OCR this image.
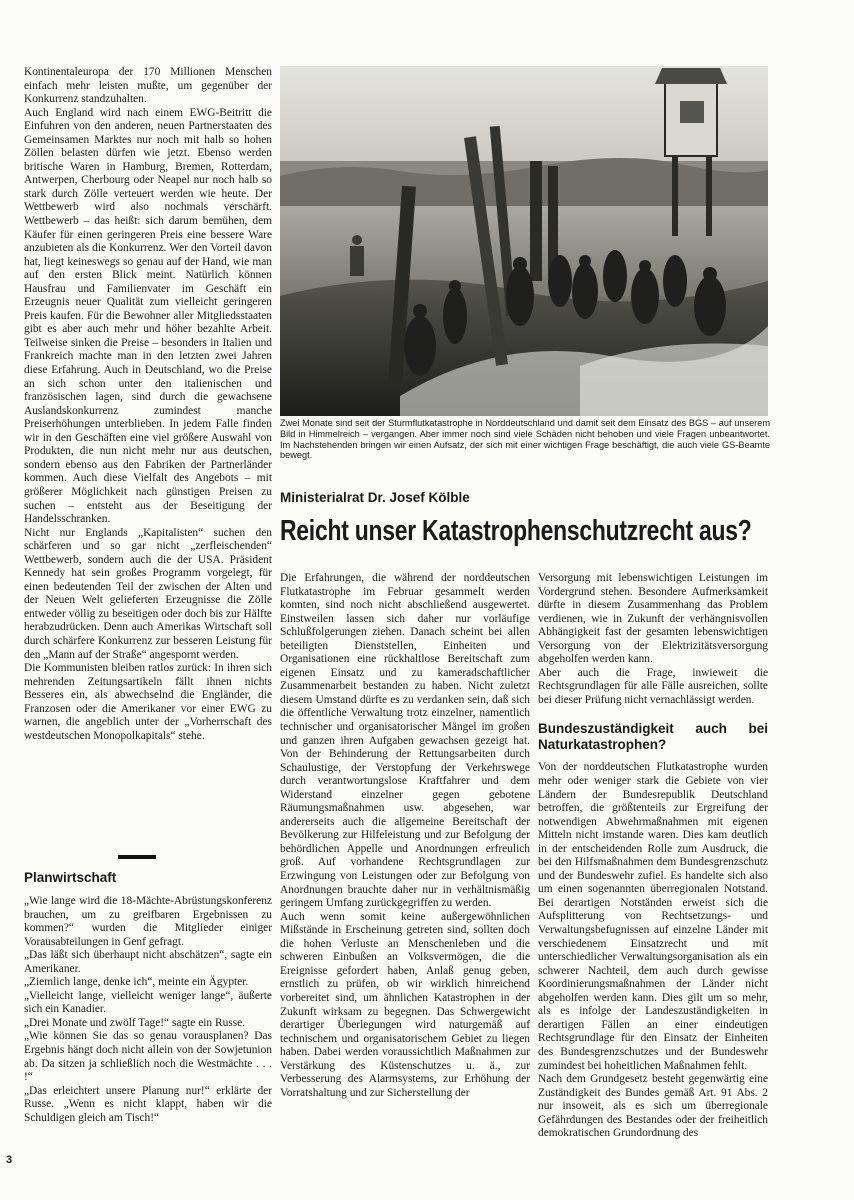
Kontinentaleuropa der 170 Millionen Menschen einfach mehr leisten mußte, um gegenüber der Konkurrenz standzuhalten.

Auch England wird nach einem EWG-Beitritt die Einfuhren von den anderen, neuen Partnerstaaten des Gemeinsamen Marktes nur noch mit halb so hohen Zöllen belasten dürfen wie jetzt. Ebenso werden britische Waren in Hamburg, Bremen, Rotterdam, Antwerpen, Cherbourg oder Neapel nur noch halb so stark durch Zölle verteuert werden wie heute. Der Wettbewerb wird also nochmals verschärft. Wettbewerb – das heißt: sich darum bemühen, dem Käufer für einen geringeren Preis eine bessere Ware anzubieten als die Konkurrenz. Wer den Vorteil davon hat, liegt keineswegs so genau auf der Hand, wie man auf den ersten Blick meint. Natürlich können Hausfrau und Familienvater im Geschäft ein Erzeugnis neuer Qualität zum vielleicht geringeren Preis kaufen. Für die Bewohner aller Mitgliedsstaaten gibt es aber auch mehr und höher bezahlte Arbeit. Teilweise sinken die Preise – besonders in Italien und Frankreich machte man in den letzten zwei Jahren diese Erfahrung. Auch in Deutschland, wo die Preise an sich schon unter den italienischen und französischen lagen, sind durch die gewachsene Auslandskonkurrenz zumindest manche Preiserhöhungen unterblieben. In jedem Falle finden wir in den Geschäften eine viel größere Auswahl von Produkten, die nun nicht mehr nur aus deutschen, sondern ebenso aus den Fabriken der Partnerländer kommen. Auch diese Vielfalt des Angebots – mit größerer Möglichkeit nach günstigen Preisen zu suchen – entsteht aus der Beseitigung der Handelsschranken.

Nicht nur Englands „Kapitalisten“ suchen den schärferen und so gar nicht „zerfleischenden“ Wettbewerb, sondern auch die der USA. Präsident Kennedy hat sein großes Programm vorgelegt, für einen bedeutenden Teil der zwischen der Alten und der Neuen Welt gelieferten Erzeugnisse die Zölle entweder völlig zu beseitigen oder doch bis zur Hälfte herabzudrücken. Denn auch Amerikas Wirtschaft soll durch schärfere Konkurrenz zur besseren Leistung für den „Mann auf der Straße“ angespornt werden.

Die Kommunisten bleiben ratlos zurück: In ihren sich mehrenden Zeitungsartikeln fällt ihnen nichts Besseres ein, als abwechselnd die Engländer, die Franzosen oder die Amerikaner vor einer EWG zu warnen, die angeblich unter der „Vorherrschaft des westdeutschen Monopolkapitals“ stehe.

Planwirtschaft

„Wie lange wird die 18-Mächte-Abrüstungskonferenz brauchen, um zu greifbaren Ergebnissen zu kommen?“ wurden die Mitglieder einiger Vorausabteilungen in Genf gefragt.

„Das läßt sich überhaupt nicht abschätzen“, sagte ein Amerikaner.

„Ziemlich lange, denke ich“, meinte ein Ägypter.

„Vielleicht lange, vielleicht weniger lange“, äußerte sich ein Kanadier.

„Drei Monate und zwölf Tage!“ sagte ein Russe.

„Wie können Sie das so genau vorausplanen? Das Ergebnis hängt doch nicht allein von der Sowjetunion ab. Da sitzen ja schließlich noch die Westmächte . . . !“

„Das erleichtert unsere Planung nur!“ erklärte der Russe. „Wenn es nicht klappt, haben wir die Schuldigen gleich am Tisch!“

Zwei Monate sind seit der Sturmflutkatastrophe in Norddeutschland und damit seit dem Einsatz des BGS – auf unserem Bild in Himmelreich – vergangen. Aber immer noch sind viele Schäden nicht behoben und viele Fragen unbeantwortet. Im Nachstehenden bringen wir einen Aufsatz, der sich mit einer wichtigen Frage beschäftigt, die auch viele GS-Beamte bewegt.

Ministerialrat Dr. Josef Kölble

Reicht unser Katastrophenschutzrecht aus?

Die Erfahrungen, die während der norddeutschen Flutkatastrophe im Februar gesammelt werden konnten, sind noch nicht abschließend ausgewertet. Einstweilen lassen sich daher nur vorläufige Schlußfolgerungen ziehen. Danach scheint bei allen beteiligten Dienststellen, Einheiten und Organisationen eine rückhaltlose Bereitschaft zum eigenen Einsatz und zu kameradschaftlicher Zusammenarbeit bestanden zu haben. Nicht zuletzt diesem Umstand dürfte es zu verdanken sein, daß sich die öffentliche Verwaltung trotz einzelner, namentlich technischer und organisatorischer Mängel im großen und ganzen ihren Aufgaben gewachsen gezeigt hat. Von der Behinderung der Rettungsarbeiten durch Schaulustige, der Verstopfung der Verkehrswege durch verantwortungslose Kraftfahrer und dem Widerstand einzelner gegen gebotene Räumungsmaßnahmen usw. abgesehen, war andererseits auch die allgemeine Bereitschaft der Bevölkerung zur Hilfeleistung und zur Befolgung der behördlichen Appelle und Anordnungen erfreulich groß. Auf vorhandene Rechtsgrundlagen zur Erzwingung von Leistungen oder zur Befolgung von Anordnungen brauchte daher nur in verhältnismäßig geringem Umfang zurückgegriffen zu werden.

Auch wenn somit keine außergewöhnlichen Mißstände in Erscheinung getreten sind, sollten doch die hohen Verluste an Menschenleben und die schweren Einbußen an Volksvermögen, die die Ereignisse gefordert haben, Anlaß genug geben, ernstlich zu prüfen, ob wir wirklich hinreichend vorbereitet sind, um ähnlichen Katastrophen in der Zukunft wirksam zu begegnen. Das Schwergewicht derartiger Überlegungen wird naturgemäß auf technischem und organisatorischem Gebiet zu liegen haben. Dabei werden voraussichtlich Maßnahmen zur Verstärkung des Küstenschutzes u. ä., zur Verbesserung des Alarmsystems, zur Erhöhung der Vorratshaltung und zur Sicherstellung der

Versorgung mit lebenswichtigen Leistungen im Vordergrund stehen. Besondere Aufmerksamkeit dürfte in diesem Zusammenhang das Problem verdienen, wie in Zukunft der verhängnisvollen Abhängigkeit fast der gesamten lebenswichtigen Versorgung von der Elektrizitätsversorgung abgeholfen werden kann.

Aber auch die Frage, inwieweit die Rechtsgrundlagen für alle Fälle ausreichen, sollte bei dieser Prüfung nicht vernachlässigt werden.

Bundeszuständigkeit auch bei Naturkatastrophen?

Von der norddeutschen Flutkatastrophe wurden mehr oder weniger stark die Gebiete von vier Ländern der Bundesrepublik Deutschland betroffen, die größtenteils zur Ergreifung der notwendigen Abwehrmaßnahmen mit eigenen Mitteln nicht imstande waren. Dies kam deutlich in der entscheidenden Rolle zum Ausdruck, die bei den Hilfsmaßnahmen dem Bundesgrenzschutz und der Bundeswehr zufiel. Es handelte sich also um einen sogenannten überregionalen Notstand. Bei derartigen Notständen erweist sich die Aufsplitterung von Rechtsetzungs- und Verwaltungsbefugnissen auf einzelne Länder mit verschiedenem Einsatzrecht und mit unterschiedlicher Verwaltungsorganisation als ein schwerer Nachteil, dem auch durch gewisse Koordinierungsmaßnahmen der Länder nicht abgeholfen werden kann. Dies gilt um so mehr, als es infolge der Landeszuständigkeiten in derartigen Fällen an einer eindeutigen Rechtsgrundlage für den Einsatz der Einheiten des Bundesgrenzschutzes und der Bundeswehr zumindest bei hoheitlichen Maßnahmen fehlt.

Nach dem Grundgesetz besteht gegenwärtig eine Zuständigkeit des Bundes gemäß Art. 91 Abs. 2 nur insoweit, als es sich um überregionale Gefährdungen des Bestandes oder der freiheitlich demokratischen Grundordnung des

3
